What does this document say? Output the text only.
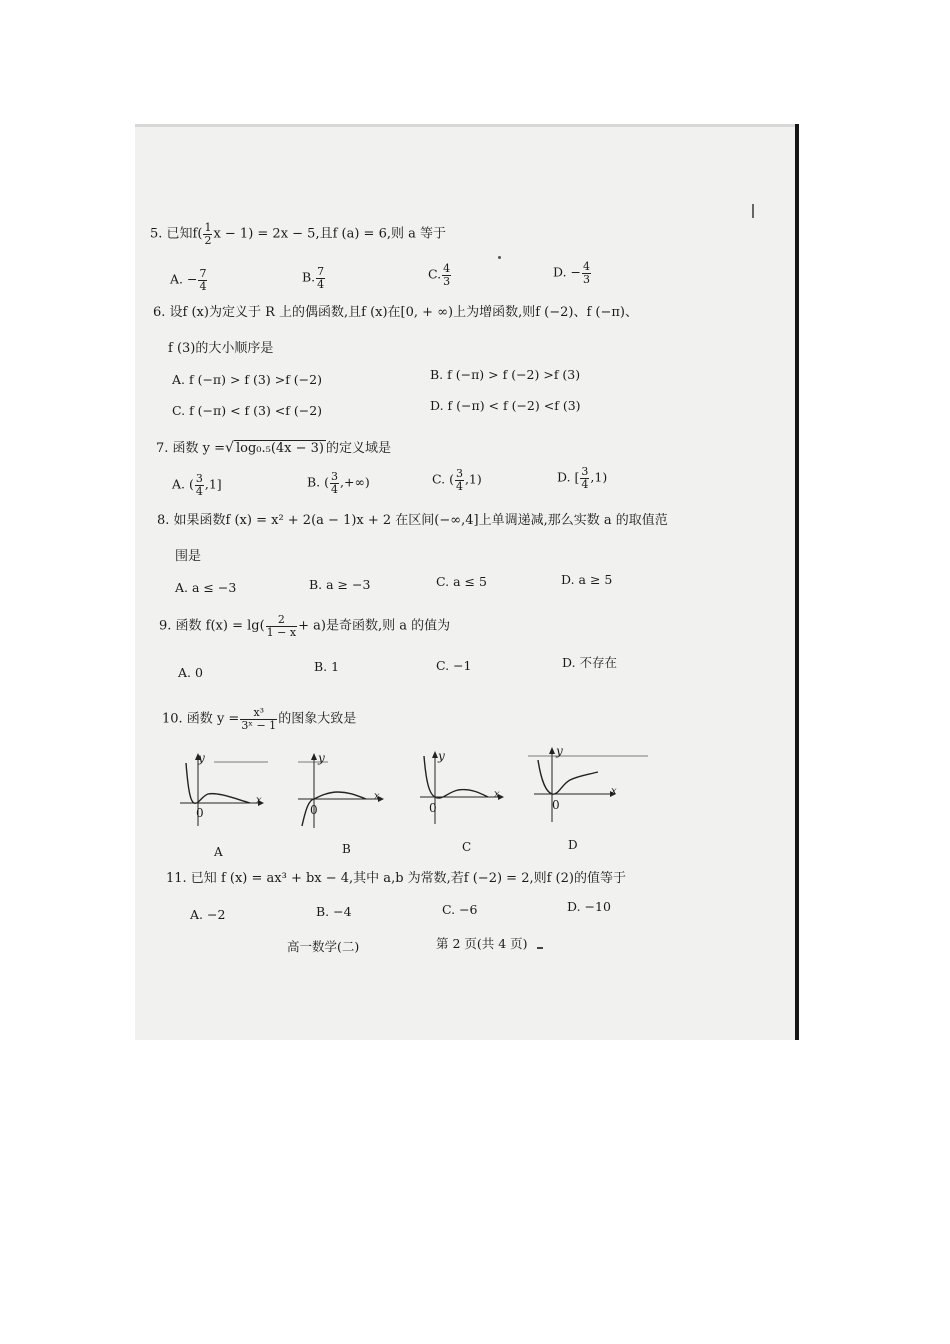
5. 已知$f( \frac{1}{2}$ x − 1) = 2x − 5,且f (a) = 6,则 a 等于
A. − $\frac{7}{4}$	B. $\frac{7}{4}$	C. $\frac{4}{3}$	D. − $\frac{4}{3}$
6. 设f (x)为定义于 R 上的偶函数,且f (x)在[0, + ∞)上为增函数,则f (−2)、f (−π)、
f (3)的大小顺序是
A. f (−π) > f (3) >f (−2)	B. f (−π) > f (−2) >f (3)
C. f (−π) < f (3) <f (−2)	D. f (−π) < f (−2) <f (3)
7. 函数 y =√ log₀.₅(4x − 3) 的定义域是
A. ( $\frac{3}{4} ,1$]	B. ( $\frac{3}{4}$ ,+∞)	C. ( $\frac{3}{4} ,1$)	D. [ $\frac{3}{4} ,1$)
8. 如果函数f (x) = x² + 2(a − 1)x + 2 在区间(−∞,4]上单调递减,那么实数 a 的取值范
围是
A. a ≤ −3	B. a ≥ −3	C. a ≤ 5	D. a ≥ 5
9. 函数 $f(x) = \lg( \frac{2}{1 - x} + a)$是奇函数,则 a 的值为
A. 0	B. 1	C. −1	D. 不存在
10. 函数 $y = \frac{\text{x³}}{\text{3ˣ − 1}}$ 的图象大致是
y
x
0
A
y
x
0
B
y
x
0
C
y
x
0
D
11. 已知 f (x) = ax³ + bx − 4,其中 a,b 为常数,若f (−2) = 2,则f (2)的值等于
A. −2	B. −4	C. −6	D. −10
高一数学(二)	第 2 页(共 4 页)
